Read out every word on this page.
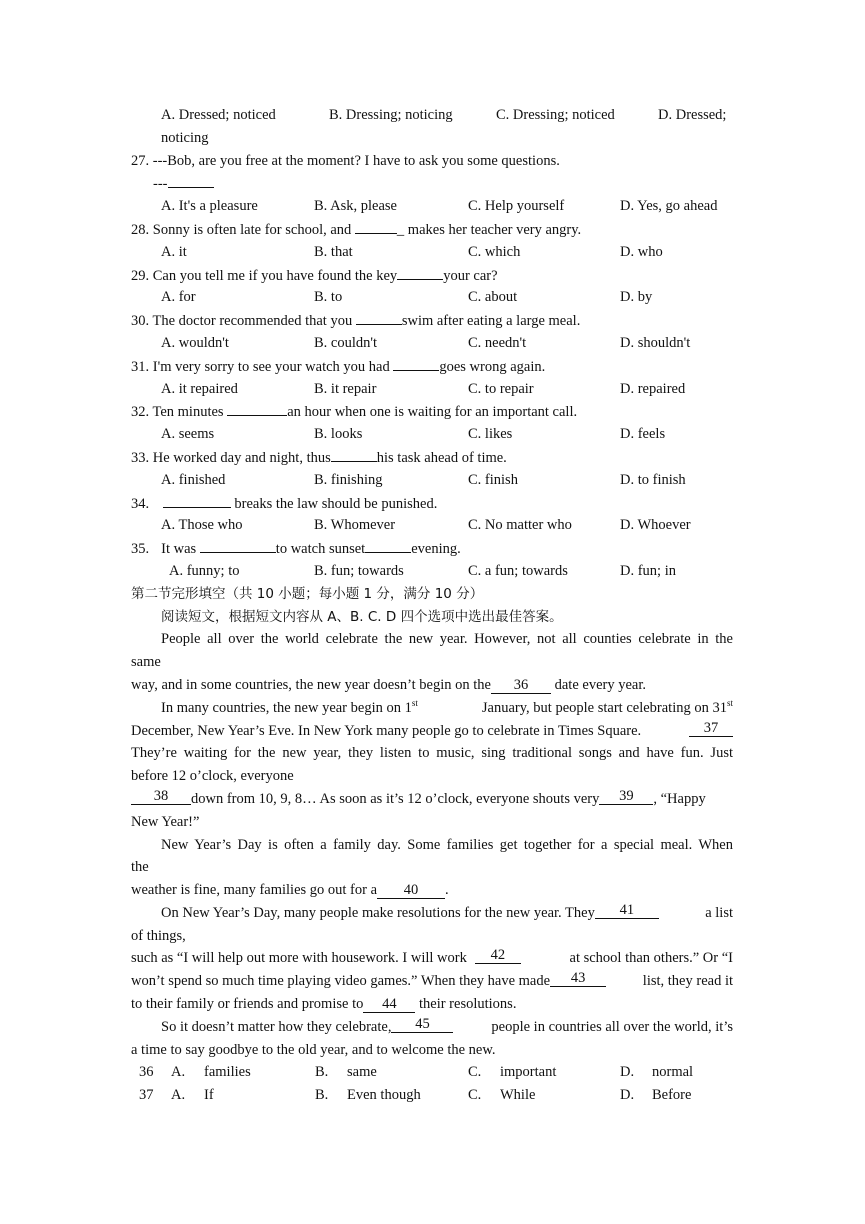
A. Dressed; noticed	B. Dressing; noticing	C. Dressing; noticed	D. Dressed;
noticing
27. ---Bob, are you free at the moment? I have to ask you some questions.
---
A. It's a pleasure	B. Ask, please	C. Help yourself	D. Yes, go ahead
28. Sonny is often late for school, and	_ makes her teacher very angry.
A. it	B. that	C. which	D. who
29. Can you tell me if you have found the key	your car?
A. for	B. to	C. about	D. by
30. The doctor recommended that you	swim after eating a large meal.
A. wouldn't	B. couldn't	C. needn't	D. shouldn't
31. I'm very sorry to see your watch you had	goes wrong again.
A. it repaired	B. it repair	C. to repair	D. repaired
32. Ten minutes	an hour when one is waiting for an important call.
A. seems	B. looks	C. likes	D. feels
33. He worked day and night, thus	his task ahead of time.
A. finished	B. finishing	C. finish	D. to finish
34.	breaks the law should be punished.
A. Those who	B. Whomever	C. No matter who	D. Whoever
35. It was	to watch sunset	evening.
A. funny; to	B. fun; towards	C. a fun; towards	D. fun; in
第二节完形填空（共 10 小题；每小题 1 分，满分 10 分）
阅读短文，根据短文内容从 A、B. C. D 四个选项中选出最佳答案。
People all over the world celebrate the new year. However, not all counties celebrate in the
same
way, and in some countries, the new year doesn’t begin on the 36 date every year.
In many countries, the new year begin on 1st	January, but people start celebrating on 31st
December, New Year’s Eve. In New York many people go to celebrate in Times Square.	37
They’re waiting for the new year, they listen to music, sing traditional songs and have fun. Just
before 12 o’clock, everyone
38	down from 10, 9, 8… As soon as it’s 12 o’clock, everyone shouts very	39	, “Happy
New Year!”
New Year’s Day is often a family day. Some families get together for a special meal. When
the
weather is fine, many families go out for a 40 .
On New Year’s Day, many people make resolutions for the new year. They	41	a list
of things,
such as “I will help out more with housework. I will work	42	at school than others.” Or “I
won’t spend so much time playing video games.” When they have made	43	list, they read it
to their family or friends and promise to 44 their resolutions.
So it doesn’t matter how they celebrate,	45	people in countries all over the world, it’s
a time to say goodbye to the old year, and to welcome the new.
36 A. families	B. same	C. important	D. normal
37 A. If	B. Even though	C. While	D. Before
